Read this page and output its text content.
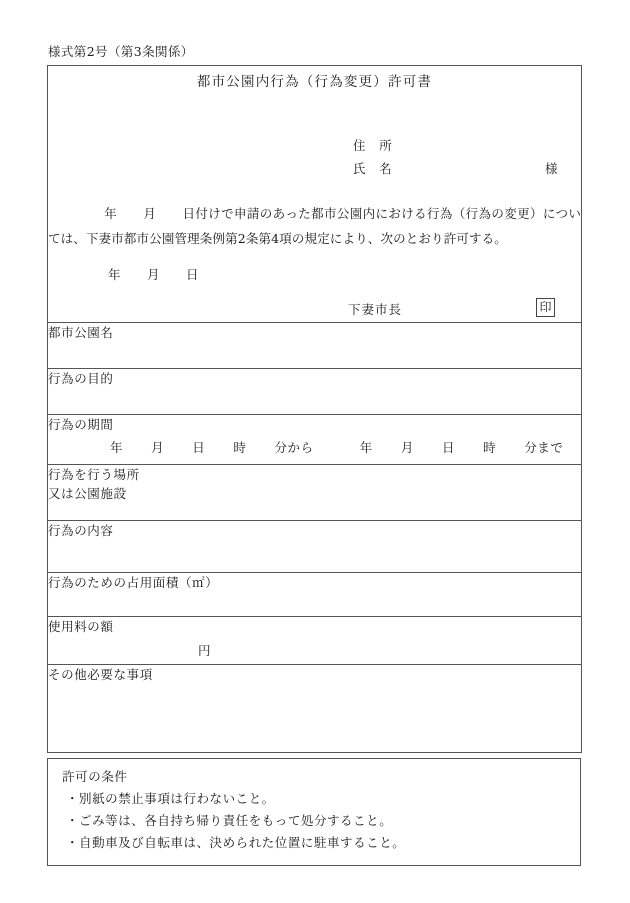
様式第2号（第3条関係）
都市公園内行為（行為変更）許可書
住　所
氏　名	様
年 月 日付けで申請のあった都市公園内における行為（行為の変更）については、下妻市都市公園管理条例第2条第4項の規定により、次のとおり許可する。
年 月 日
下妻市長	印

都市公園名
行為の目的
行為の期間
年 月 日 時 分から	年 月 日 時 分まで

行為を行う場所
又は公園施設

行為の内容
行為のための占用面積（㎡）
使用料の額
円

その他必要な事項
許可の条件
・別紙の禁止事項は行わないこと。
・ごみ等は、各自持ち帰り責任をもって処分すること。
・自動車及び自転車は、決められた位置に駐車すること。
